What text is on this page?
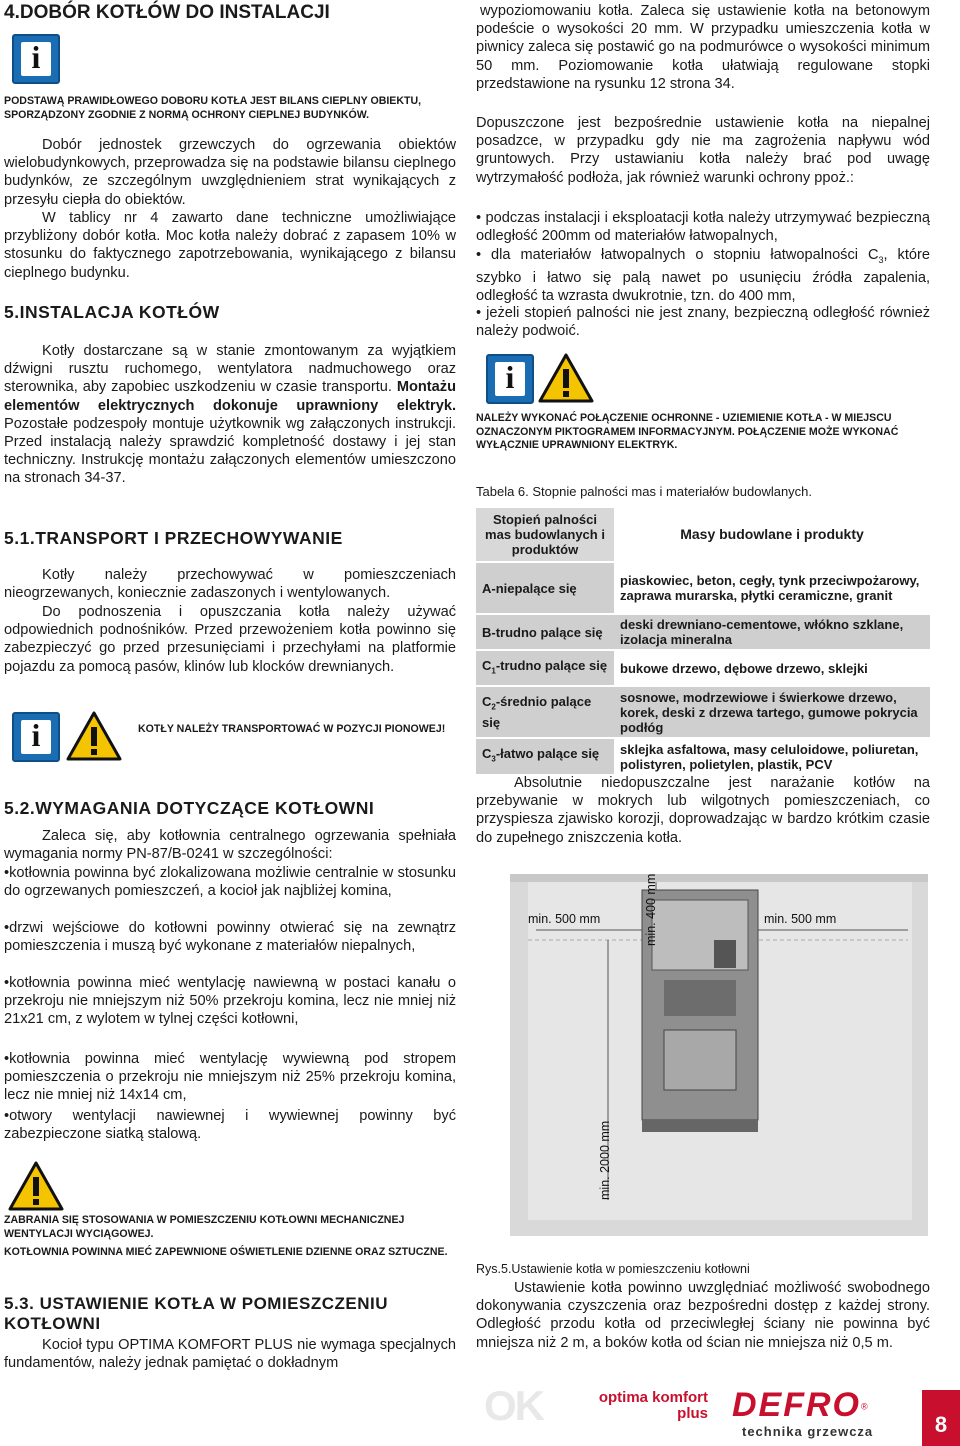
4.DOBÓR KOTŁÓW DO INSTALACJI
i
PODSTAWĄ PRAWIDŁOWEGO DOBORU KOTŁA JEST BILANS CIEPLNY OBIEKTU, SPORZĄDZONY ZGODNIE Z NORMĄ OCHRONY CIEPLNEJ BUDYNKÓW.

Dobór jednostek grzewczych do ogrzewania obiektów wielobudynkowych, przeprowadza się na podstawie bilansu cieplnego budynków, ze szczególnym uwzględnieniem strat wynikających z przesyłu ciepła do obiektów.

W tablicy nr 4 zawarto dane techniczne umożliwiające przybliżony dobór kotła. Moc kotła należy dobrać z zapasem 10% w stosunku do faktycznego zapotrzebowania, wynikającego z bilansu cieplnego budynku.

5.INSTALACJA KOTŁÓW

Kotły dostarczane są w stanie zmontowanym za wyjątkiem dźwigni rusztu ruchomego, wentylatora nadmuchowego oraz sterownika, aby zapobiec uszkodzeniu w czasie transportu. Montażu elementów elektrycznych dokonuje uprawniony elektryk. Pozostałe podzespoły montuje użytkownik wg załączonych instrukcji. Przed instalacją należy sprawdzić kompletność dostawy i jej stan techniczny. Instrukcję montażu załączonych elementów umieszczono na stronach 34-37.

5.1.TRANSPORT I PRZECHOWYWANIE

Kotły należy przechowywać w pomieszczeniach nieogrzewanych, koniecznie zadaszonych i wentylowanych.

Do podnoszenia i opuszczania kotła należy używać odpowiednich podnośników. Przed przewożeniem kotła powinno się zabezpieczyć go przed przesunięciami i przechyłami na platformie pojazdu za pomocą pasów, klinów lub klocków drewnianych.

i
KOTŁY NALEŻY TRANSPORTOWAĆ W POZYCJI PIONOWEJ!
5.2.WYMAGANIA DOTYCZĄCE KOTŁOWNI

Zaleca się, aby kotłownia centralnego ogrzewania spełniała wymagania normy PN-87/B-0241 w szczególności:

•kotłownia powinna być zlokalizowana możliwie centralnie w stosunku do ogrzewanych pomieszczeń, a kocioł jak najbliżej komina,

•drzwi wejściowe do kotłowni powinny otwierać się na zewnątrz pomieszczenia i muszą być wykonane z materiałów niepalnych,

•kotłownia powinna mieć wentylację nawiewną w postaci kanału o przekroju nie mniejszym niż 50% przekroju komina, lecz nie mniej niż 21x21 cm, z wylotem w tylnej części kotłowni,

•kotłownia powinna mieć wentylację wywiewną pod stropem pomieszczenia o przekroju nie mniejszym niż 25% przekroju komina, lecz nie mniej niż 14x14 cm,

•otwory wentylacji nawiewnej i wywiewnej powinny być zabezpieczone siatką stalową.

ZABRANIA SIĘ STOSOWANIA W POMIESZCZENIU KOTŁOWNI MECHANICZNEJ WENTYLACJI WYCIĄGOWEJ.
KOTŁOWNIA POWINNA MIEĆ ZAPEWNIONE OŚWIETLENIE DZIENNE ORAZ SZTUCZNE.
5.3. USTAWIENIE KOTŁA W POMIESZCZENIU KOTŁOWNI

Kocioł typu OPTIMA KOMFORT PLUS nie wymaga specjalnych fundamentów, należy jednak pamiętać o dokładnym

wypoziomowaniu kotła. Zaleca się ustawienie kotła na betonowym podeście o wysokości 20 mm. W przypadku umieszczenia kotła w piwnicy zaleca się postawić go na podmurówce o wysokości minimum 50 mm. Poziomowanie kotła ułatwiają regulowane stopki przedstawione na rysunku 12 strona 34.

Dopuszczone jest bezpośrednie ustawienie kotła na niepalnej posadzce, w przypadku gdy nie ma zagrożenia napływu wód gruntowych. Przy ustawianiu kotła należy brać pod uwagę wytrzymałość podłoża, jak również warunki ochrony ppoż.:

• podczas instalacji i eksploatacji kotła należy utrzymywać bezpieczną odległość 200mm od materiałów łatwopalnych,

• dla materiałów łatwopalnych o stopniu łatwopalności $C_3$, które szybko i łatwo się palą nawet po usunięciu źródła zapalenia, odległość ta wzrasta dwukrotnie, tzn. do 400 mm,

• jeżeli stopień palności nie jest znany, bezpieczną odległość również należy podwoić.

i
NALEŻY WYKONAĆ POŁĄCZENIE OCHRONNE - UZIEMIENIE KOTŁA - W MIEJSCU OZNACZONYM PIKTOGRAMEM INFORMACYJNYM. POŁĄCZENIE MOŻE WYKONAĆ WYŁĄCZNIE UPRAWNIONY ELEKTRYK.
Tabela 6. Stopnie palności mas i materiałów budowlanych.
Stopień palności mas budowlanych i produktów	Masy budowlane i produkty
A-niepalące się	piaskowiec, beton, cegły, tynk przeciwpożarowy, zaprawa murarska, płytki ceramiczne, granit
B-trudno palące się	deski drewniano-cementowe, włókno szklane, izolacja mineralna
$C_1$-trudno palące się	bukowe drzewo, dębowe drzewo, sklejki
$C_2$-średnio palące się	sosnowe, modrzewiowe i świerkowe drzewo, korek, deski z drzewa tartego, gumowe pokrycia podłóg
$C_3$-łatwo palące się	sklejka asfaltowa, masy celuloidowe, poliuretan, polistyren, polietylen, plastik, PCV

Absolutnie niedopuszczalne jest narażanie kotłów na przebywanie w mokrych lub wilgotnych pomieszczeniach, co przyspiesza zjawisko korozji, doprowadzając w bardzo krótkim czasie do zupełnego zniszczenia kotła.

min. 500 mm	min. 400 mm	min. 500 mm
min. 2000 mm
Rys.5.Ustawienie kotła w pomieszczeniu kotłowni

Ustawienie kotła powinno uwzględniać możliwość swobodnego dokonywania czyszczenia oraz bezpośredni dostęp z każdej strony. Odległość przodu kotła od przeciwległej ściany nie powinna być mniejsza niż 2 m, a boków kotła od ścian nie mniejsza niż 0,5 m.

OK	optima komfort plus DEFRO®
technika grzewcza	8
